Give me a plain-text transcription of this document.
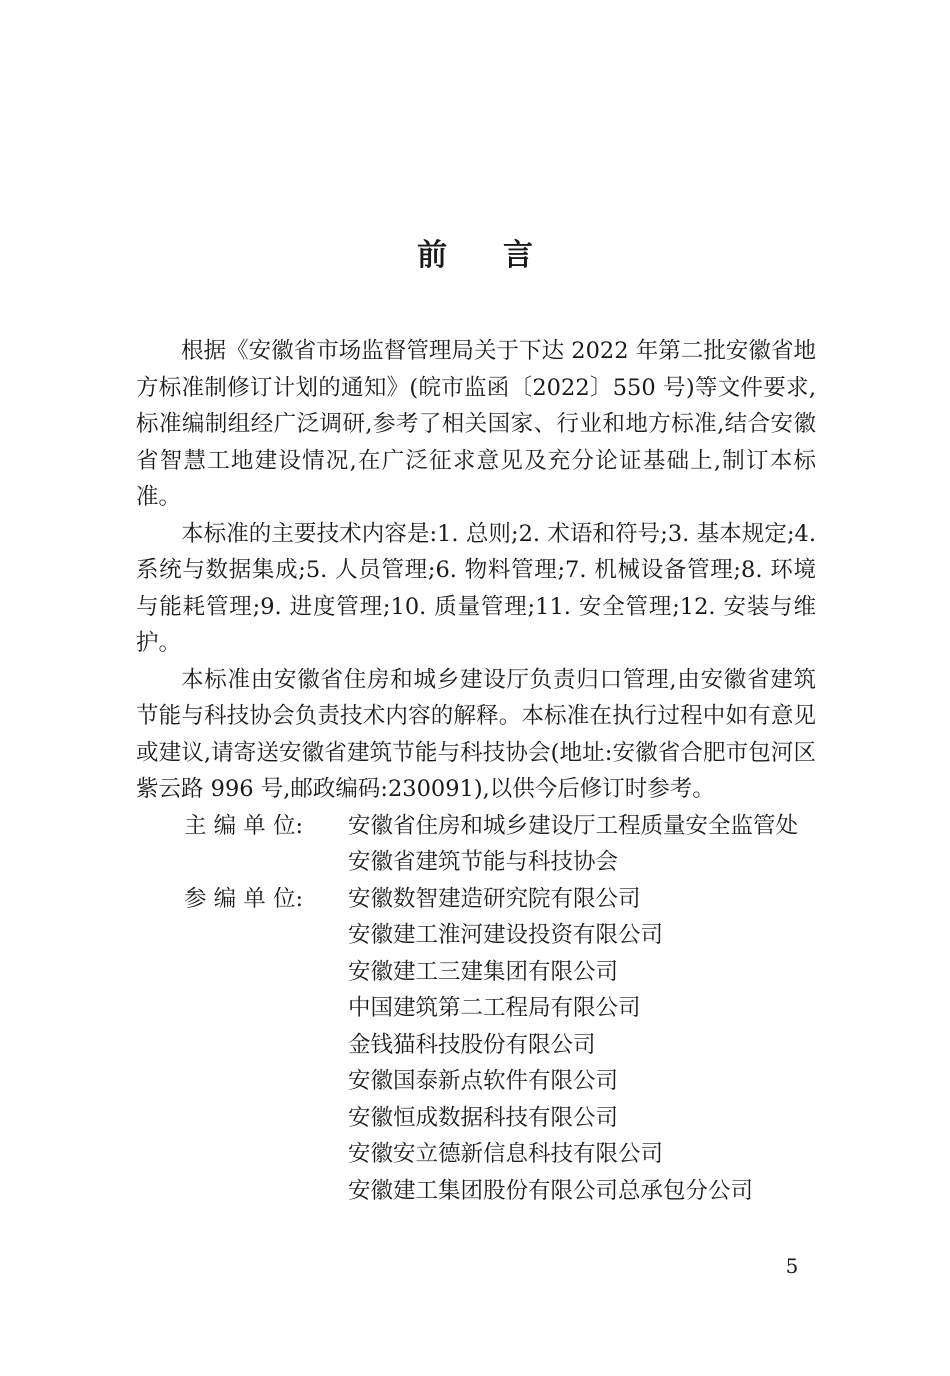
前言

根据《安徽省市场监督管理局关于下达 2022 年第二批安徽省地方标准制修订计划的通知》(皖市监函〔2022〕550 号)等文件要求,标准编制组经广泛调研,参考了相关国家、行业和地方标准,结合安徽省智慧工地建设情况,在广泛征求意见及充分论证基础上,制订本标准。

本标准的主要技术内容是:1. 总则;2. 术语和符号;3. 基本规定;4. 系统与数据集成;5. 人员管理;6. 物料管理;7. 机械设备管理;8. 环境与能耗管理;9. 进度管理;10. 质量管理;11. 安全管理;12. 安装与维护。

本标准由安徽省住房和城乡建设厅负责归口管理,由安徽省建筑节能与科技协会负责技术内容的解释。本标准在执行过程中如有意见或建议,请寄送安徽省建筑节能与科技协会(地址:安徽省合肥市包河区紫云路 996 号,邮政编码:230091),以供今后修订时参考。

主 编 单 位:	安徽省住房和城乡建设厅工程质量安全监管处
安徽省建筑节能与科技协会
参 编 单 位:	安徽数智建造研究院有限公司
安徽建工淮河建设投资有限公司
安徽建工三建集团有限公司
中国建筑第二工程局有限公司
金钱猫科技股份有限公司
安徽国泰新点软件有限公司
安徽恒成数据科技有限公司
安徽安立德新信息科技有限公司
安徽建工集团股份有限公司总承包分公司
5
